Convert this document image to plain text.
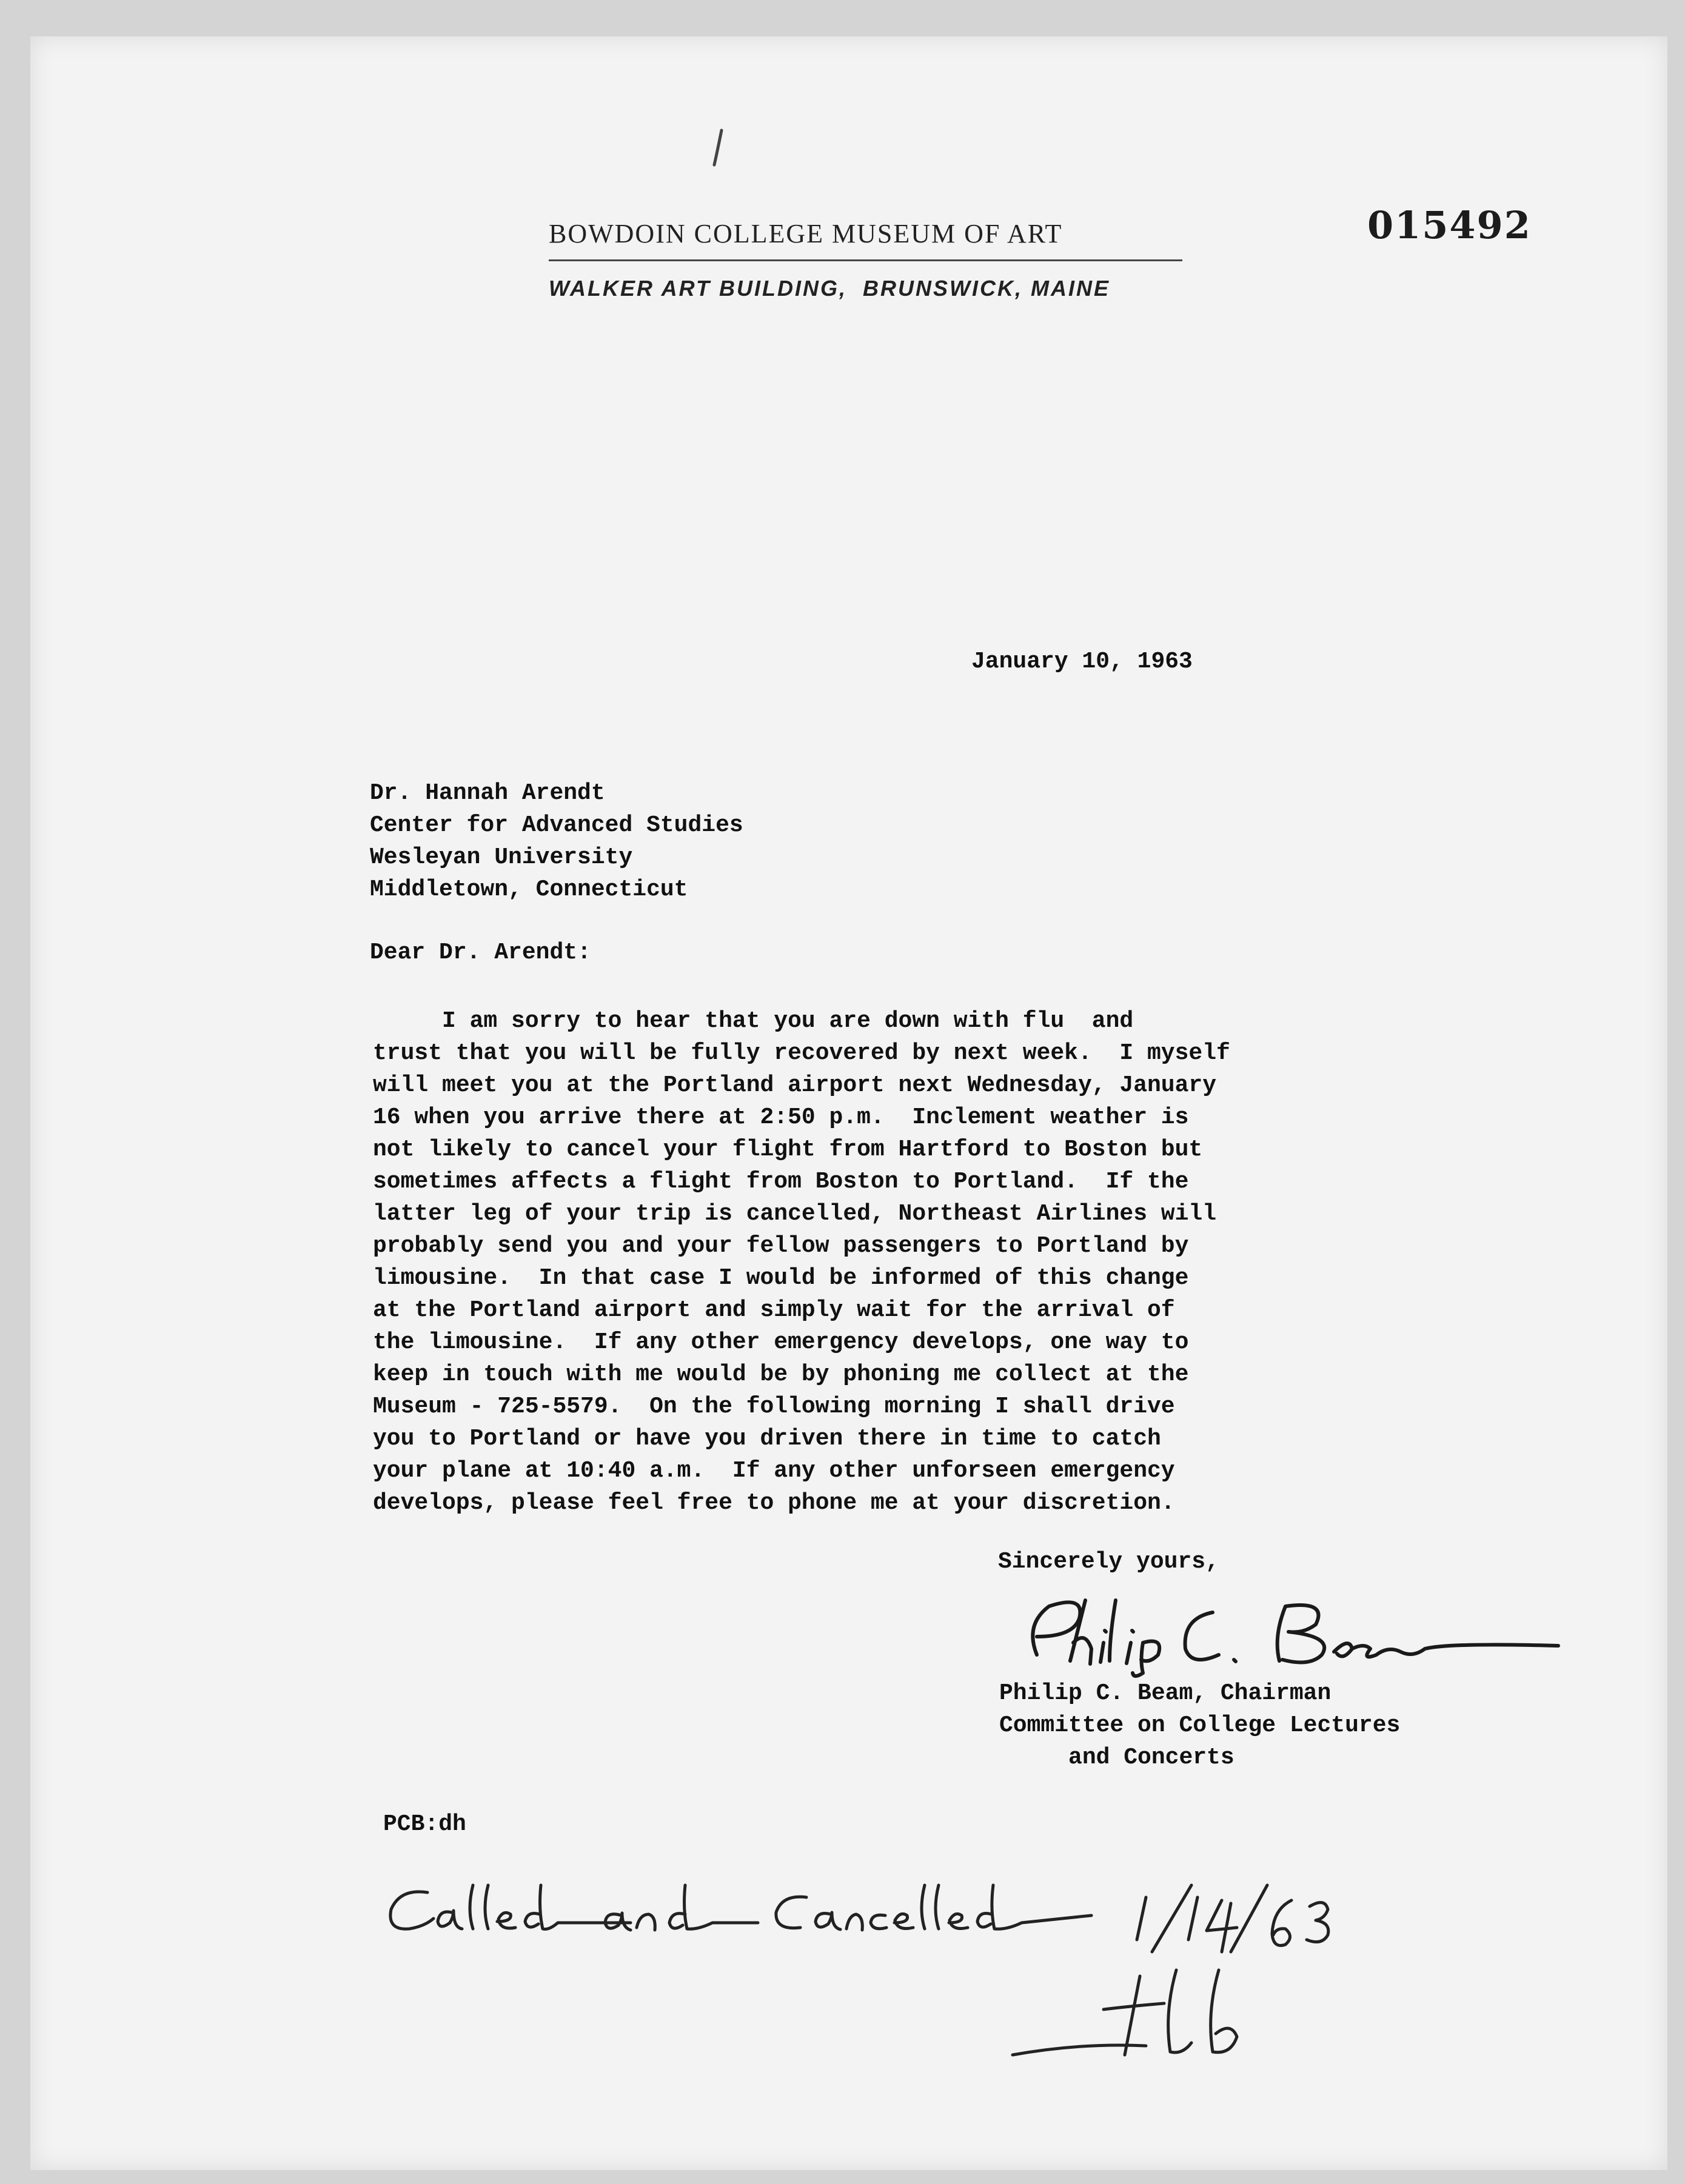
BOWDOIN COLLEGE MUSEUM OF ART
WALKER ART BUILDING,  BRUNSWICK, MAINE
015492
January 10, 1963
Dr. Hannah Arendt
Center for Advanced Studies
Wesleyan University
Middletown, Connecticut
Dear Dr. Arendt:
I am sorry to hear that you are down with flu  and
trust that you will be fully recovered by next week.  I myself
will meet you at the Portland airport next Wednesday, January
16 when you arrive there at 2:50 p.m.  Inclement weather is
not likely to cancel your flight from Hartford to Boston but
sometimes affects a flight from Boston to Portland.  If the
latter leg of your trip is cancelled, Northeast Airlines will
probably send you and your fellow passengers to Portland by
limousine.  In that case I would be informed of this change
at the Portland airport and simply wait for the arrival of
the limousine.  If any other emergency develops, one way to
keep in touch with me would be by phoning me collect at the
Museum - 725-5579.  On the following morning I shall drive
you to Portland or have you driven there in time to catch
your plane at 10:40 a.m.  If any other unforseen emergency
develops, please feel free to phone me at your discretion.
Sincerely yours,
Philip C. Beam, Chairman
Committee on College Lectures
and Concerts
PCB:dh
